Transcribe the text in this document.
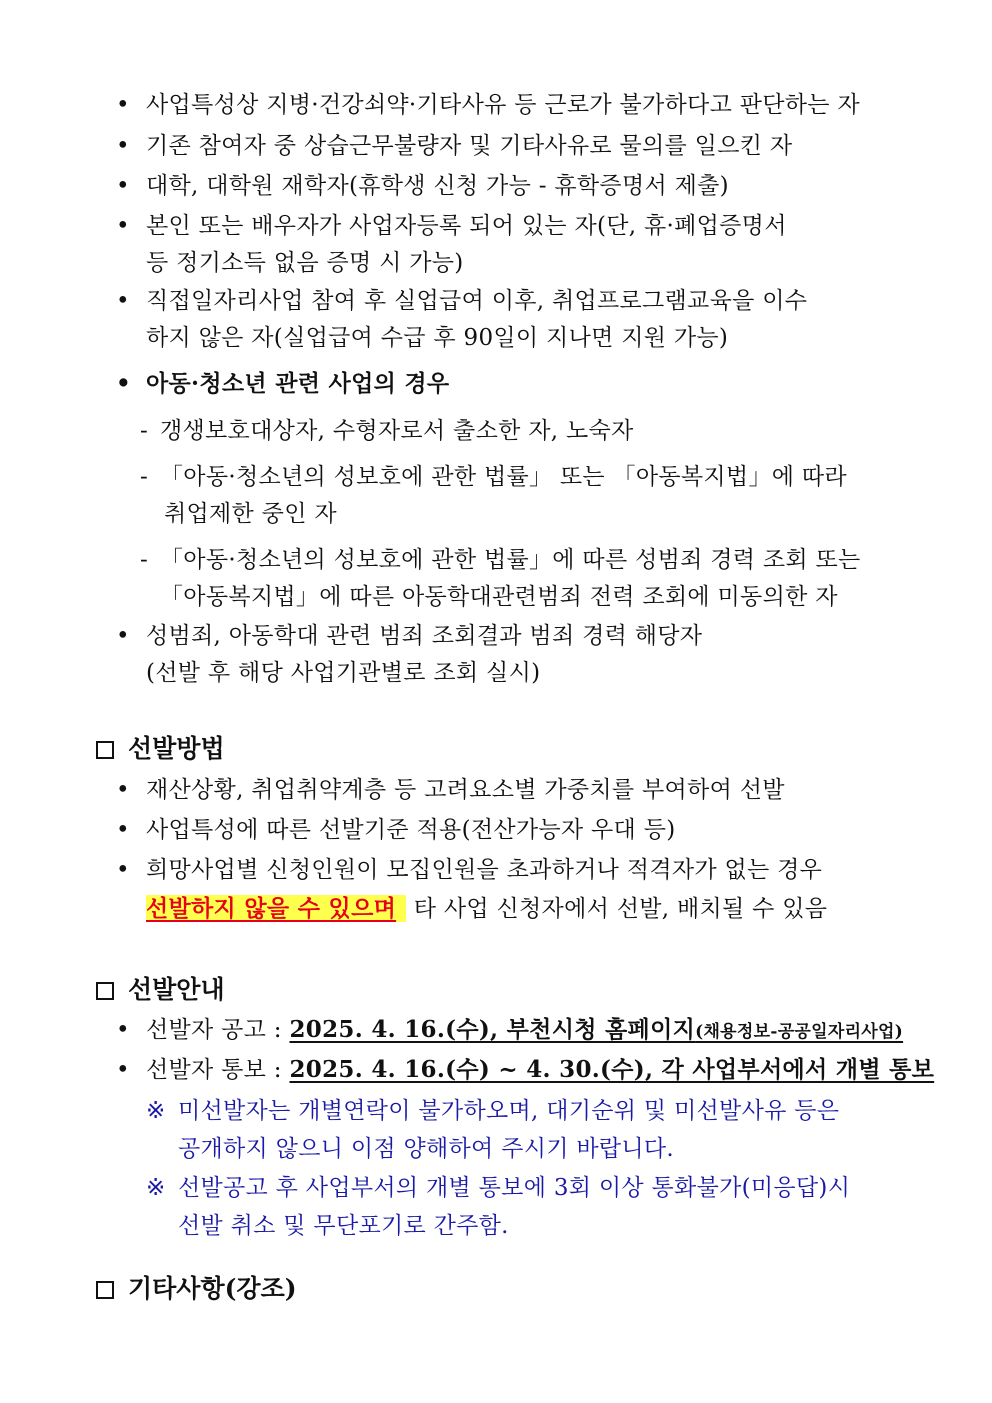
• 사업특성상 지병·건강쇠약·기타사유 등 근로가 불가하다고 판단하는 자
• 기존 참여자 중 상습근무불량자 및 기타사유로 물의를 일으킨 자
• 대학, 대학원 재학자(휴학생 신청 가능 - 휴학증명서 제출)
• 본인 또는 배우자가 사업자등록 되어 있는 자(단, 휴·폐업증명서
등 정기소득 없음 증명 시 가능)
• 직접일자리사업 참여 후 실업급여 이후, 취업프로그램교육을 이수
하지 않은 자(실업급여 수급 후 90일이 지나면 지원 가능)
• 아동·청소년 관련 사업의 경우
- 갱생보호대상자, 수형자로서 출소한 자, 노숙자
- 「아동·청소년의 성보호에 관한 법률」 또는 「아동복지법」에 따라
취업제한 중인 자
- 「아동·청소년의 성보호에 관한 법률」에 따른 성범죄 경력 조회 또는
「아동복지법」에 따른 아동학대관련범죄 전력 조회에 미동의한 자
• 성범죄, 아동학대 관련 범죄 조회결과 범죄 경력 해당자
(선발 후 해당 사업기관별로 조회 실시)
선발방법
• 재산상황, 취업취약계층 등 고려요소별 가중치를 부여하여 선발
• 사업특성에 따른 선발기준 적용(전산가능자 우대 등)
• 희망사업별 신청인원이 모집인원을 초과하거나 적격자가 없는 경우
선발하지 않을 수 있으며 타 사업 신청자에서 선발, 배치될 수 있음
선발안내
• 선발자 공고 : 2025. 4. 16.(수), 부천시청 홈페이지(채용정보-공공일자리사업)
• 선발자 통보 : 2025. 4. 16.(수) ~ 4. 30.(수), 각 사업부서에서 개별 통보
※ 미선발자는 개별연락이 불가하오며, 대기순위 및 미선발사유 등은
공개하지 않으니 이점 양해하여 주시기 바랍니다.
※ 선발공고 후 사업부서의 개별 통보에 3회 이상 통화불가(미응답)시
선발 취소 및 무단포기로 간주함.
기타사항(강조)
